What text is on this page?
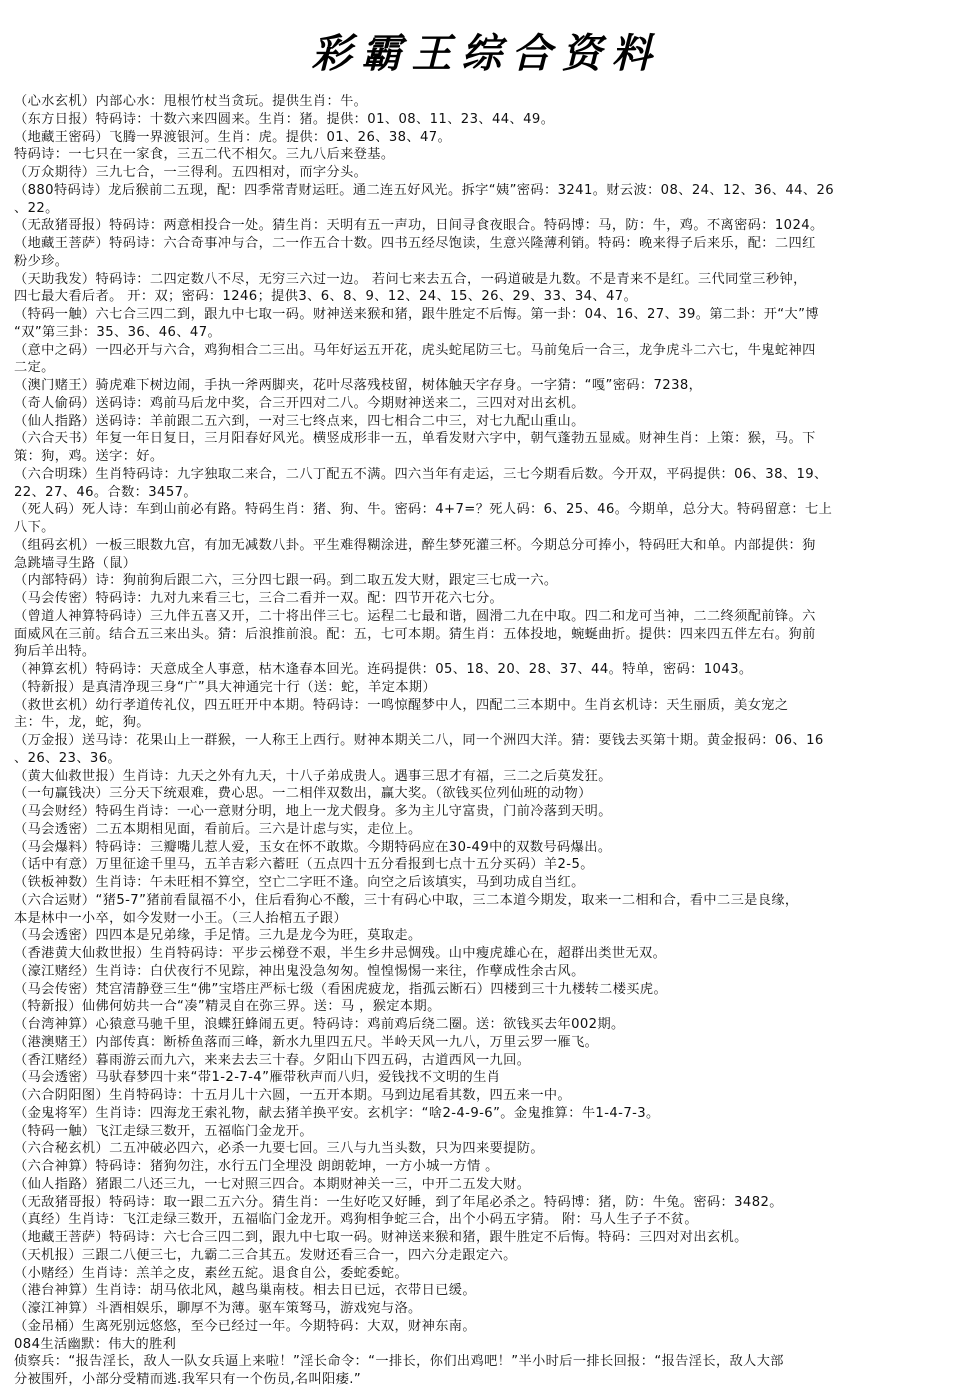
彩霸王综合资料
（心水玄机）内部心水：甩根竹杖当贪玩。提供生肖：牛。
（东方日报）特码诗：十数六来四圆来。生肖：猪。提供：01、08、11、23、44、49。
（地藏王密码）飞腾一界渡银河。生肖：虎。提供：01、26、38、47。
特码诗：一七只在一家食，三五二代不相欠。三九八后来登基。
（万众期待）三九七合，一三得利。五四相对，而字分头。
（880特码诗）龙后猴前二五现，配：四季常青财运旺。通二连五好风光。拆字“姨”密码：3241。财云波：08、24、12、36、44、26
、22。
（无敌猪哥报）特码诗：两意相投合一处。猜生肖：天明有五一声功，日间寻食夜眼合。特码博：马，防：牛，鸡。不离密码：1024。
（地藏王菩萨）特码诗：六合奇事冲与合，二一作五合十数。四书五经尽饱读，生意兴隆薄利销。特码：晚来得子后来乐，配：二四红
粉少珍。
（天助我发）特码诗：二四定数八不尽，无穷三六过一边。 若问七来去五合，一码道破是九数。不是青来不是红。三代同堂三秒钟，
四七最大看后者。 开：双；密码：1246；提供3、6、8、9、12、24、15、26、29、33、34、47。
（特码一触）六七合三四二到，跟九中七取一码。财神送来猴和猪，跟牛胜定不后悔。第一卦：04、16、27、39。第二卦：开“大”博
“双”第三卦：35、36、46、47。
（意中之码）一四必开与六合，鸡狗相合二三出。马年好运五开花，虎头蛇尾防三七。马前兔后一合三，龙争虎斗二六七，牛鬼蛇神四
二定。
（澳门赌王）骑虎难下树边闹，手执一斧两脚夹，花叶尽落残枝留，树体触天字存身。一字猜：“嘎”密码：7238，
（奇人偷码）送码诗：鸡前马后龙中奖，合三开四对二八。今期财神送来二，三四对对出玄机。
（仙人指路）送码诗：羊前跟二五六到，一对三七终点来，四七相合二中三，对七九配山重山。
（六合天书）年复一年日复日，三月阳春好风光。横竖成形非一五，单看发财六字中，朝气蓬勃五显威。财神生肖：上策：猴，马。下
策：狗，鸡。送字：好。
（六合明珠）生肖特码诗：九字独取二来合，二八丁配五不满。四六当年有走运，三七今期看后数。今开双，平码提供：06、38、19、
22、27、46。合数：3457。
（死人码）死人诗：车到山前必有路。特码生肖：猪、狗、牛。密码：4+7=？死人码：6、25、46。今期单，总分大。特码留意：七上
八下。
（组码玄机）一板三眼数九宫，有加无减数八卦。平生难得糊涂进，醉生梦死灌三杯。今期总分可捧小，特码旺大和单。内部提供：狗
急跳墙寻生路（鼠）
（内部特码）诗：狗前狗后跟二六，三分四七跟一码。到二取五发大财，跟定三七成一六。
（马会传密）特码诗：九对九来看三七，三合二看并一双。配：四节开花六七分。
（曾道人神算特码诗）三九伴五喜又开，二十将出伴三七。运程二七最和谐，圆滑二九在中取。四二和龙可当神，二二终须配前锋。六
面威风在三前。结合五三来出头。猜：后浪推前浪。配：五，七可本期。猜生肖：五体投地，蜿蜒曲折。提供：四来四五伴左右。狗前
狗后羊出特。
（神算玄机）特码诗：天意成全人事意，枯木逢春本回光。连码提供：05、18、20、28、37、44。特单，密码：1043。
（特新报）是真清净现三身“广”具大神通完十行（送：蛇，羊定本期）
（救世玄机）幼行孝道传礼仪，四五旺开中本期。特码诗：一鸣惊醒梦中人，四配二三本期中。生肖玄机诗：天生丽质，美女宠之
主：牛，龙，蛇，狗。
（万金报）送马诗：花果山上一群猴，一人称王上西行。财神本期关二八，同一个洲四大洋。猜：要钱去买第十期。黄金报码：06、16
、26、23、36。
（黄大仙救世报）生肖诗：九天之外有九天，十八子弟成贵人。遇事三思才有福，三二之后莫发狂。
（一句赢钱决）三分天下统艰难，费心思。一二相伴双数出，赢大奖。（欲钱买位列仙班的动物）
（马会财经）特码生肖诗：一心一意财分明，地上一龙犬假身。多为主儿守富贵，门前冷落到天明。
（马会透密）二五本期相见面，看前后。三六是计虑与实，走位上。
（马会爆料）特码诗：三瓣嘴儿惹人爱，玉女在怀不敢欺。今期特码应在30-49中的双数号码爆出。
（话中有意）万里征途千里马，五羊吉彩六蓄旺（五点四十五分看报到七点十五分买码）羊2-5。
（铁板神数）生肖诗：午未旺相不算空，空亡二字旺不逢。向空之后该填实，马到功成自当红。
（六合运财）“猪5-7”猪前看鼠福不小，住后看狗心不酸，三十有码心中取，三二本道今期发，取来一二相和合，看中二三是良缘，
本是林中一小卒，如今发财一小王。（三人抬棺五子跟）
（马会透密）四四本是兄弟缘，手足情。三九是龙今为旺，莫取走。
（香港黄大仙救世报）生肖特码诗：平步云梯登不艰，半生乡井忌惆残。山中瘦虎雄心在，超群出类世无双。
（濠江赌经）生肖诗：白伏夜行不见踪，神出鬼没急匆匆。惶惶惕惕一来往，作孽成性余古风。
（马会传密）梵宫清静登三生“佛”宝塔庄严标七级（看困虎疲龙，指孤云断石）四楼到三十九楼转二楼买虎。
（特新报）仙佛何妨共一合“凑”精灵自在弥三界。送：马 ，猴定本期。
（台湾神算）心猿意马驰千里，浪蝶狂蜂闹五更。特码诗：鸡前鸡后绕二圈。送：欲钱买去年002期。
（港澳赌王）内部传真：断桥鱼落而三峰，新水九里四五尺。半岭天风一九八，万里云罗一雁飞。
（香江赌经）暮雨游云而九六，来来去去三十春。夕阳山下四五码，古道西风一九回。
（马会透密）马驮春梦四十来“带1-2-7-4”雁带秋声而八归，爱钱找不文明的生肖
（六合阴阳图）生肖特码诗：十五月儿十六圆，一五开本期。马到边尾看其数，四五来一中。
（金鬼将军）生肖诗：四海龙王索礼物，献去猪羊换平安。玄机字：“啥2-4-9-6”。金鬼推算：牛1-4-7-3。
（特码一触）飞江走绿三数开，五福临门金龙开。
（六合秘玄机）二五冲破必四六，必杀一九要七回。三八与九当头数，只为四来要提防。
（六合神算）特码诗：猪狗勿注，水行五门全埋没 朗朗乾坤，一方小城一方情 。
（仙人指路）猪跟二八还三九，一七对照三四合。本期财神关一三，中开二五发大财。
（无敌猪哥报）特码诗：取一跟二五六分。猜生肖：一生好吃又好睡，到了年尾必杀之。特码博：猪，防：牛兔。密码：3482。
（真经）生肖诗：飞江走绿三数开，五福临门金龙开。鸡狗相争蛇三合，出个小码五字猜。 附：马人生子子不贫。
（地藏王菩萨）特码诗：六七合三四二到，跟九中七取一码。财神送来猴和猪，跟牛胜定不后悔。特码：三四对对出玄机。
（天机报）三跟二八便三七，九霸二三合其五。发财还看三合一，四六分走跟定六。
（小赌经）生肖诗：羔羊之皮，素丝五紽。退食自公，委蛇委蛇。
（港台神算）生肖诗：胡马依北风，越鸟巢南枝。相去日已远，衣带日已缓。
（濠江神算）斗酒相娱乐，聊厚不为薄。驱车策驽马，游戏宛与洛。
（金吊桶）生离死别远悠悠，至今已经过一年。今期特码：大双，财神东南。
084生活幽默：伟大的胜利
侦察兵：“报告淫长，敌人一队女兵逼上来啦！”淫长命令：“一排长，你们出鸡吧！”半小时后一排长回报：“报告淫长，敌人大部
分被围歼，小部分受精而逃.我军只有一个伤员,名叫阳痿.”
